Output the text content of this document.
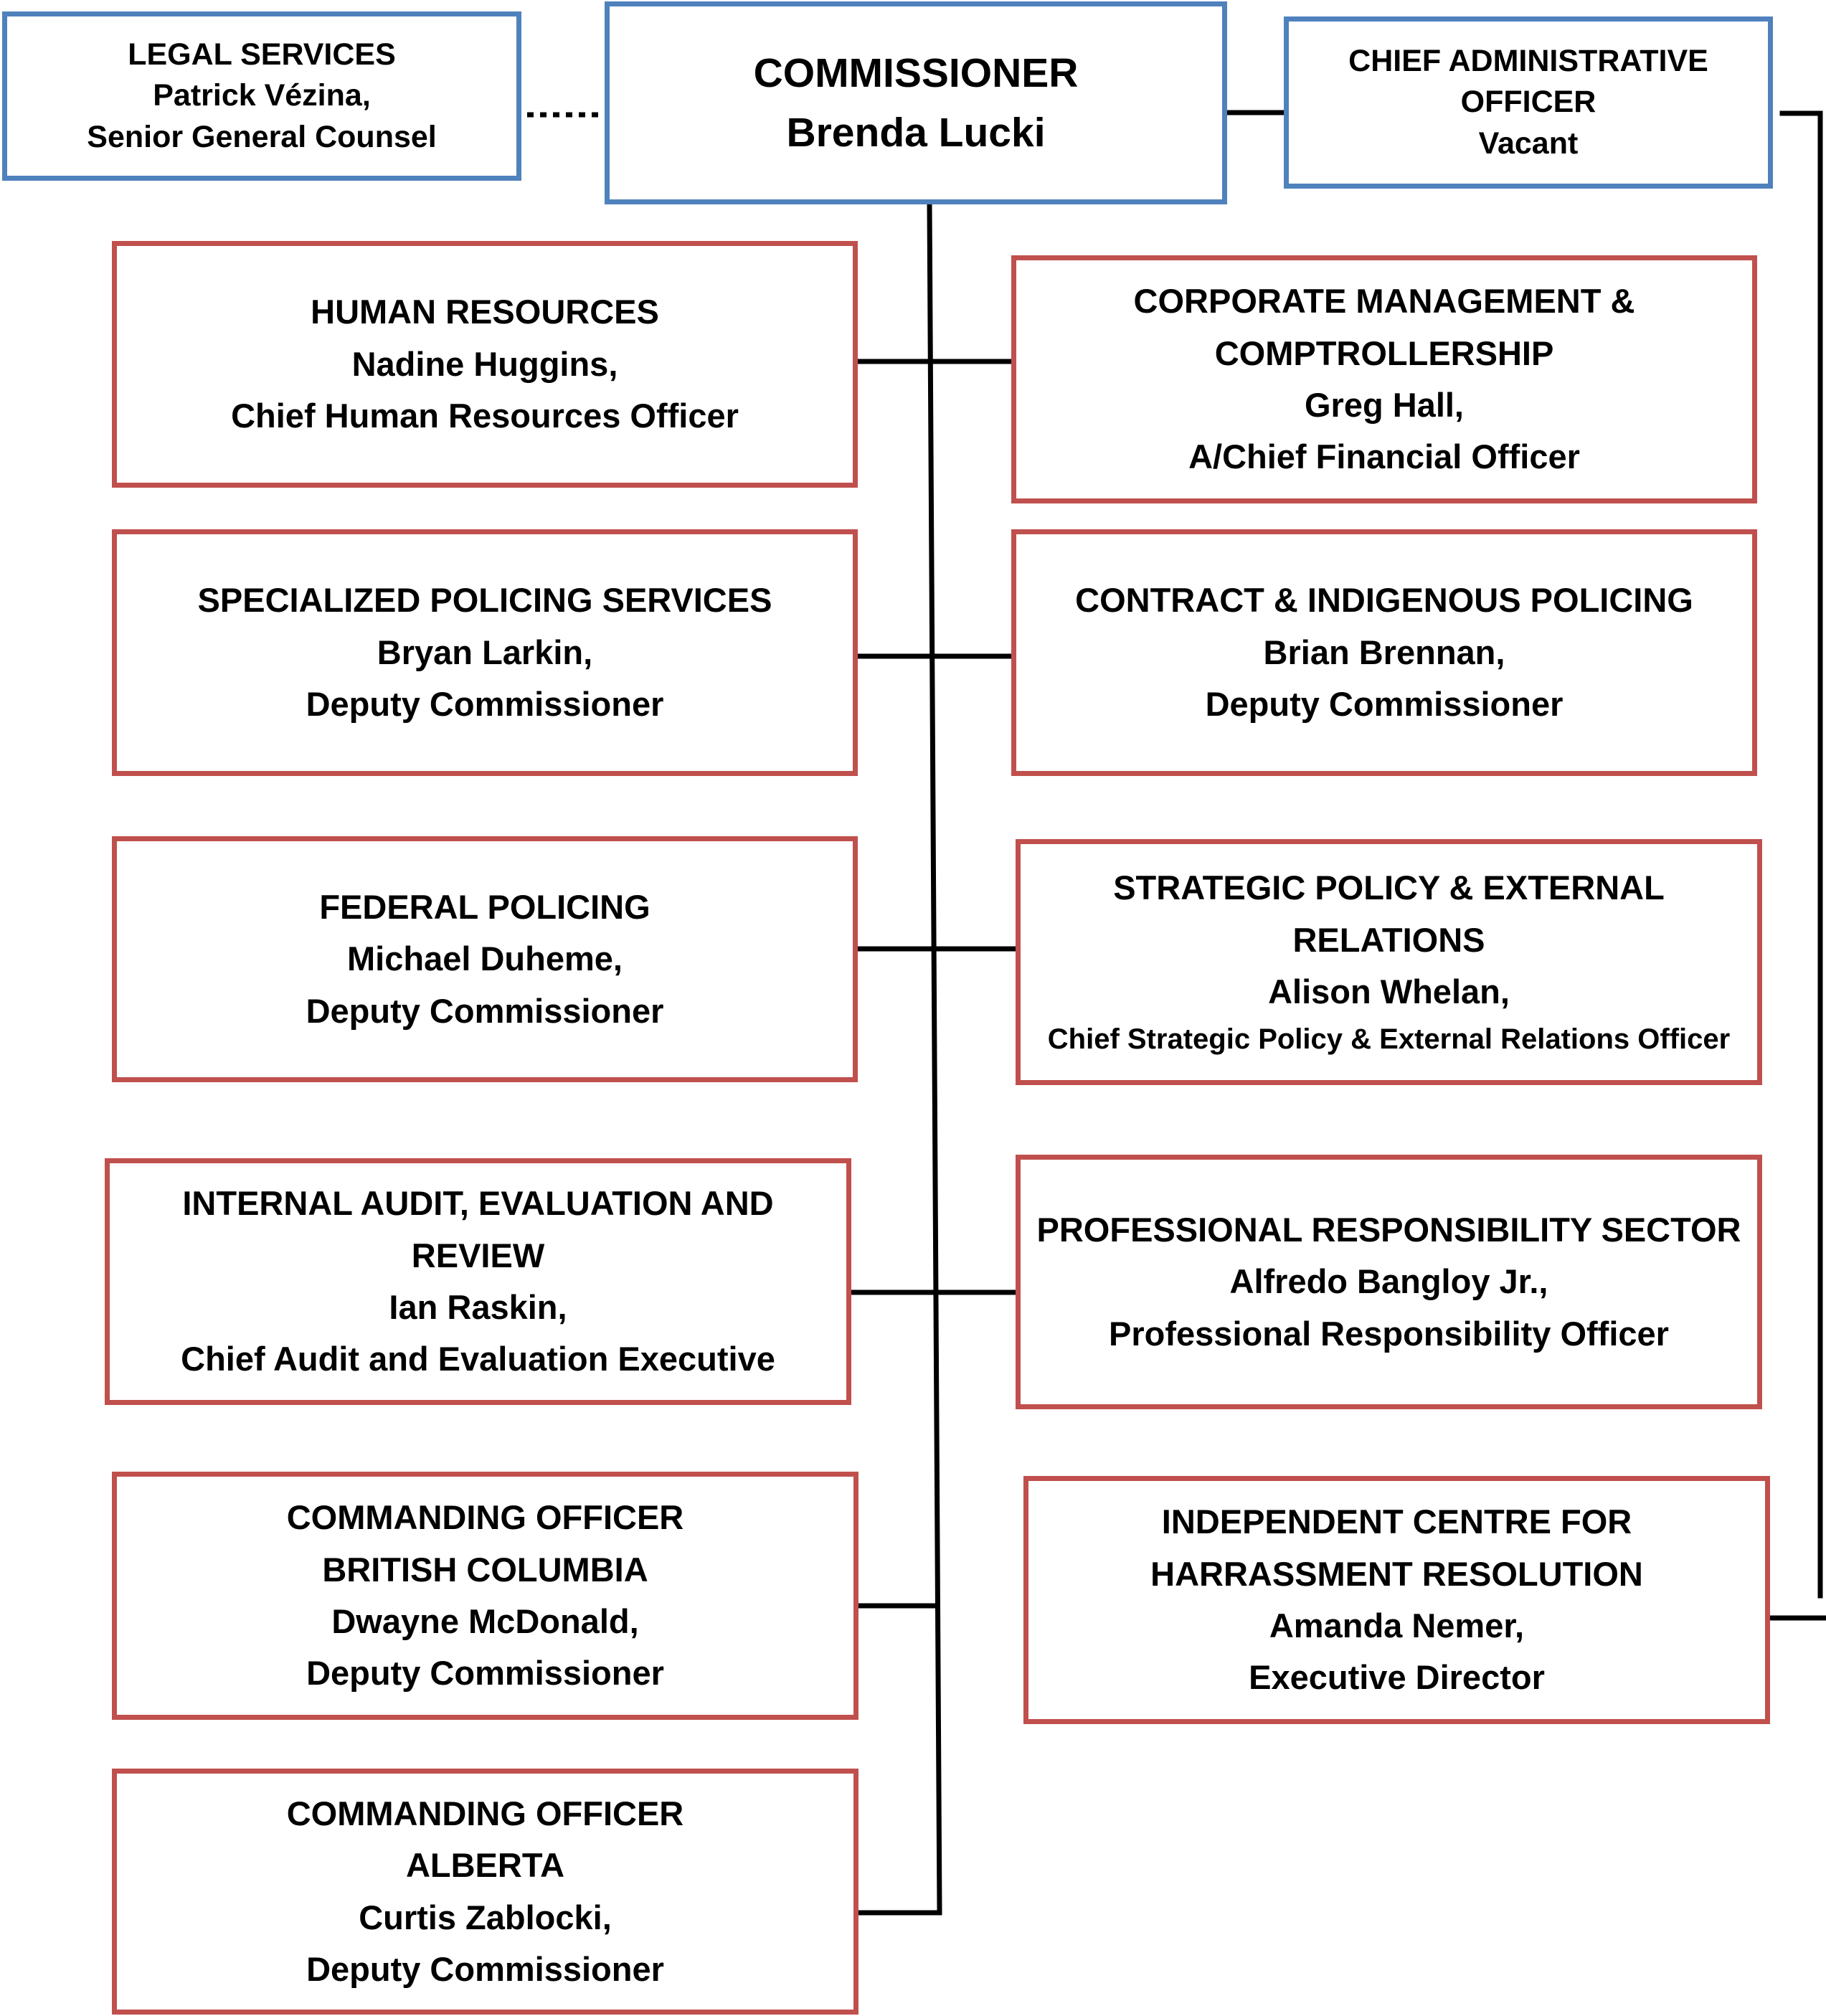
LEGAL SERVICES
Patrick Vézina,
Senior General Counsel
COMMISSIONER
Brenda Lucki
CHIEF ADMINISTRATIVE
OFFICER
Vacant
HUMAN RESOURCES
Nadine Huggins,
Chief Human Resources Officer
CORPORATE MANAGEMENT &
COMPTROLLERSHIP
Greg Hall,
A/Chief Financial Officer
SPECIALIZED POLICING SERVICES
Bryan Larkin,
Deputy Commissioner
CONTRACT & INDIGENOUS POLICING
Brian Brennan,
Deputy Commissioner
FEDERAL POLICING
Michael Duheme,
Deputy Commissioner
STRATEGIC POLICY & EXTERNAL
RELATIONS
Alison Whelan,
Chief Strategic Policy & External Relations Officer
INTERNAL AUDIT, EVALUATION AND
REVIEW
Ian Raskin,
Chief Audit and Evaluation Executive
PROFESSIONAL RESPONSIBILITY SECTOR
Alfredo Bangloy Jr.,
Professional Responsibility Officer
COMMANDING OFFICER
BRITISH COLUMBIA
Dwayne McDonald,
Deputy Commissioner
INDEPENDENT CENTRE FOR
HARRASSMENT RESOLUTION
Amanda Nemer,
Executive Director
COMMANDING OFFICER
ALBERTA
Curtis Zablocki,
Deputy Commissioner
